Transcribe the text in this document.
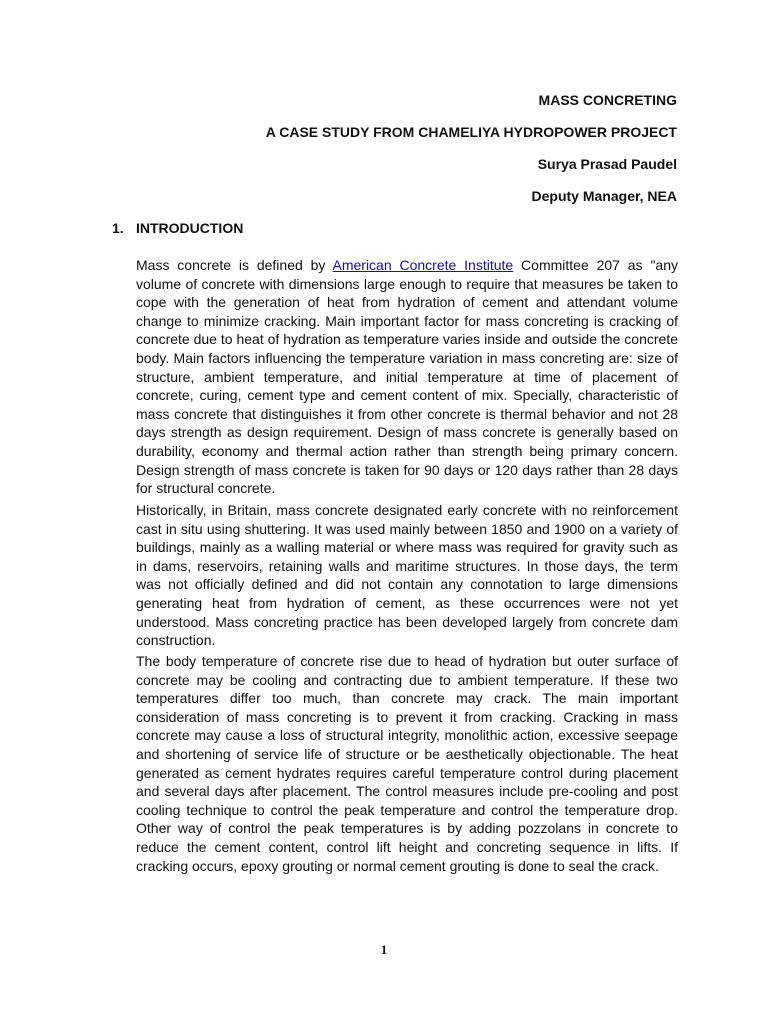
MASS CONCRETING
A CASE STUDY FROM CHAMELIYA HYDROPOWER PROJECT
Surya Prasad Paudel
Deputy Manager, NEA
1. INTRODUCTION

Mass concrete is defined by American Concrete Institute Committee 207 as "any volume of concrete with dimensions large enough to require that measures be taken to cope with the generation of heat from hydration of cement and attendant volume change to minimize cracking. Main important factor for mass concreting is cracking of concrete due to heat of hydration as temperature varies inside and outside the concrete body. Main factors influencing the temperature variation in mass concreting are: size of structure, ambient temperature, and initial temperature at time of placement of concrete, curing, cement type and cement content of mix. Specially, characteristic of mass concrete that distinguishes it from other concrete is thermal behavior and not 28 days strength as design requirement. Design of mass concrete is generally based on durability, economy and thermal action rather than strength being primary concern. Design strength of mass concrete is taken for 90 days or 120 days rather than 28 days for structural concrete.

Historically, in Britain, mass concrete designated early concrete with no reinforcement cast in situ using shuttering. It was used mainly between 1850 and 1900 on a variety of buildings, mainly as a walling material or where mass was required for gravity such as in dams, reservoirs, retaining walls and maritime structures. In those days, the term was not officially defined and did not contain any connotation to large dimensions generating heat from hydration of cement, as these occurrences were not yet understood. Mass concreting practice has been developed largely from concrete dam construction.

The body temperature of concrete rise due to head of hydration but outer surface of concrete may be cooling and contracting due to ambient temperature. If these two temperatures differ too much, than concrete may crack. The main important consideration of mass concreting is to prevent it from cracking. Cracking in mass concrete may cause a loss of structural integrity, monolithic action, excessive seepage and shortening of service life of structure or be aesthetically objectionable. The heat generated as cement hydrates requires careful temperature control during placement and several days after placement. The control measures include pre-cooling and post cooling technique to control the peak temperature and control the temperature drop. Other way of control the peak temperatures is by adding pozzolans in concrete to reduce the cement content, control lift height and concreting sequence in lifts. If cracking occurs, epoxy grouting or normal cement grouting is done to seal the crack.

1
